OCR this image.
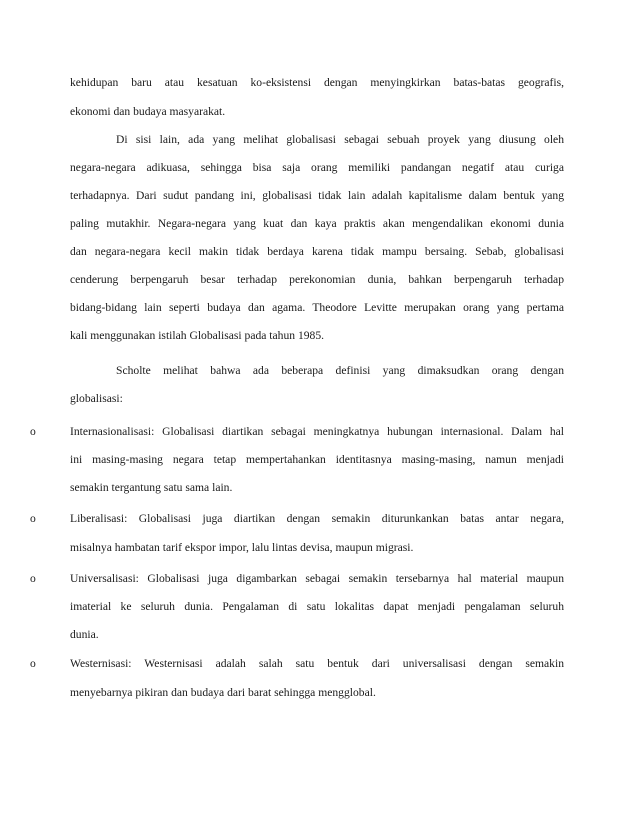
kehidupan baru atau kesatuan ko-eksistensi dengan menyingkirkan batas-batas geografis,
ekonomi dan budaya masyarakat.
Di sisi lain, ada yang melihat globalisasi sebagai sebuah proyek yang diusung oleh
negara-negara adikuasa, sehingga bisa saja orang memiliki pandangan negatif atau curiga
terhadapnya. Dari sudut pandang ini, globalisasi tidak lain adalah kapitalisme dalam bentuk yang
paling mutakhir. Negara-negara yang kuat dan kaya praktis akan mengendalikan ekonomi dunia
dan negara-negara kecil makin tidak berdaya karena tidak mampu bersaing. Sebab, globalisasi
cenderung berpengaruh besar terhadap perekonomian dunia, bahkan berpengaruh terhadap
bidang-bidang lain seperti budaya dan agama. Theodore Levitte merupakan orang yang pertama
kali menggunakan istilah Globalisasi pada tahun 1985.
Scholte melihat bahwa ada beberapa definisi yang dimaksudkan orang dengan
globalisasi:
o	Internasionalisasi: Globalisasi diartikan sebagai meningkatnya hubungan internasional. Dalam hal
ini masing-masing negara tetap mempertahankan identitasnya masing-masing, namun menjadi
semakin tergantung satu sama lain.
o	Liberalisasi: Globalisasi juga diartikan dengan semakin diturunkankan batas antar negara,
misalnya hambatan tarif ekspor impor, lalu lintas devisa, maupun migrasi.
o	Universalisasi: Globalisasi juga digambarkan sebagai semakin tersebarnya hal material maupun
imaterial ke seluruh dunia. Pengalaman di satu lokalitas dapat menjadi pengalaman seluruh
dunia.
o	Westernisasi: Westernisasi adalah salah satu bentuk dari universalisasi dengan semakin
menyebarnya pikiran dan budaya dari barat sehingga mengglobal.
